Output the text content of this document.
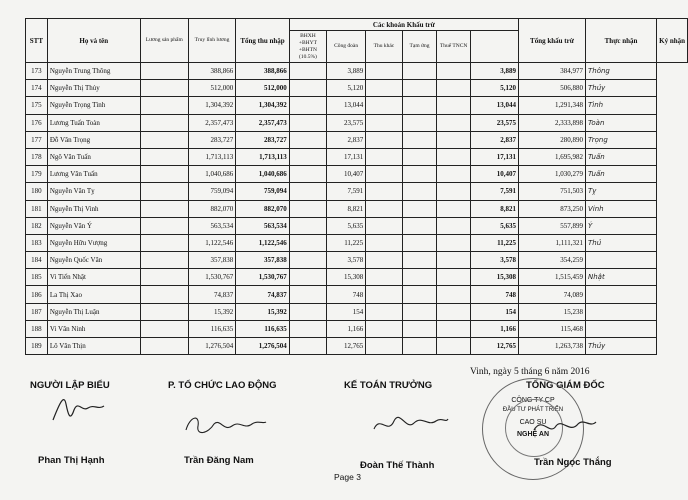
STT	Họ và tên	Lương sản phẩm	Truy lĩnh lương	Tổng thu nhập	Các khoản Khấu trừ						Tổng khấu trừ	Thực nhận	Ký nhận
					BHXH +BHYT +BHTN (10.5%)	Công đoàn	Thu khác	Tạm ứng	Thuế TNCN				
173	Nguyễn Trung Thông		388,866	388,866		3,889				3,889	384,977	Thông	
174	Nguyễn Thị Thủy		512,000	512,000		5,120				5,120	506,880	Thủy	
175	Nguyễn Trọng Tình		1,304,392	1,304,392		13,044				13,044	1,291,348	Tình	
176	Lương Tuấn Toàn		2,357,473	2,357,473		23,575				23,575	2,333,898	Toàn	
177	Đỗ Văn Trọng		283,727	283,727		2,837				2,837	280,890	Trọng	
178	Ngô Văn Tuấn		1,713,113	1,713,113		17,131				17,131	1,695,982	Tuấn	
179	Lương Văn Tuấn		1,040,686	1,040,686		10,407				10,407	1,030,279	Tuấn	
180	Nguyễn Văn Tỵ		759,094	759,094		7,591				7,591	751,503	Tỵ	
181	Nguyễn Thị Vinh		882,070	882,070		8,821				8,821	873,250	Vinh	
182	Nguyễn Văn Ý		563,534	563,534		5,635				5,635	557,899	Ý	
183	Nguyễn Hữu Vượng		1,122,546	1,122,546		11,225				11,225	1,111,321	Thủ	
184	Nguyễn Quốc Văn		357,838	357,838		3,578				3,578	354,259		
185	Vi Tiến Nhật		1,530,767	1,530,767		15,308				15,308	1,515,459	Nhật	
186	La Thị Xao		74,837	74,837		748				748	74,089		
187	Nguyễn Thị Luận		15,392	15,392		154				154	15,238		
188	Vi Văn Ninh		116,635	116,635		1,166				1,166	115,468		
189	Lô Văn Thịn		1,276,504	1,276,504		12,765				12,765	1,263,738	Thủy	
NGƯỜI LẬP BIỂU	P. TỔ CHỨC LAO ĐỘNG	KẾ TOÁN TRƯỞNG
Vinh, ngày 5 tháng 6 năm 2016
TỔNG GIÁM ĐỐC
CÔNG TY CP
ĐẦU TƯ PHÁT TRIỂN
CAO SU
NGHỆ AN
Phan Thị Hạnh	Trần Đăng Nam	Đoàn Thế Thành	Trần Ngọc Thắng
Page 3
